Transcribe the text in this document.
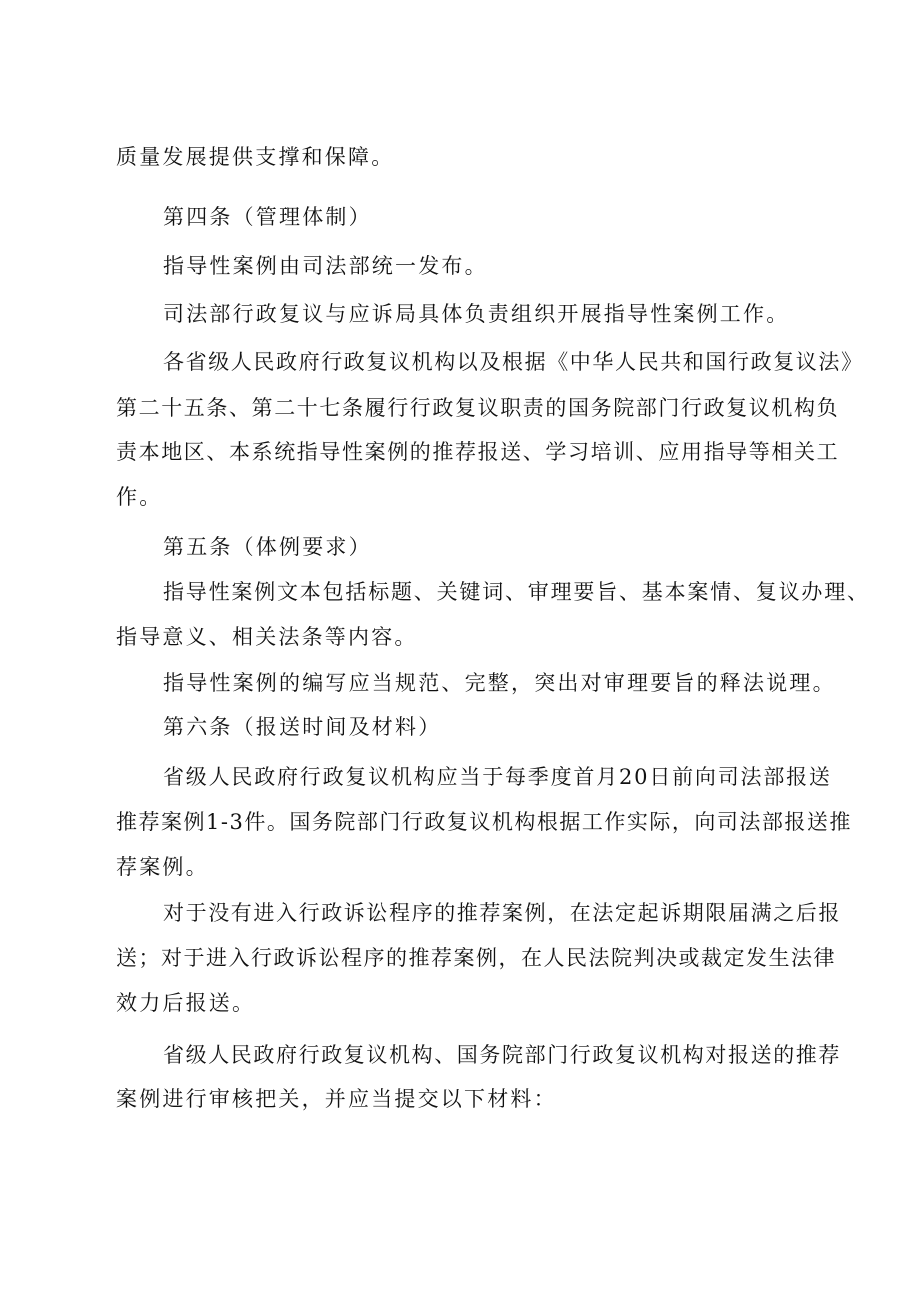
质量发展提供支撑和保障。
第四条（管理体制）
指导性案例由司法部统一发布。
司法部行政复议与应诉局具体负责组织开展指导性案例工作。
各省级人民政府行政复议机构以及根据《中华人民共和国行政复议法》
第二十五条、第二十七条履行行政复议职责的国务院部门行政复议机构负
责本地区、本系统指导性案例的推荐报送、学习培训、应用指导等相关工
作。
第五条（体例要求）
指导性案例文本包括标题、关键词、审理要旨、基本案情、复议办理、
指导意义、相关法条等内容。
指导性案例的编写应当规范、完整，突出对审理要旨的释法说理。
第六条（报送时间及材料）
省级人民政府行政复议机构应当于每季度首月20日前向司法部报送
推荐案例1-3件。国务院部门行政复议机构根据工作实际，向司法部报送推
荐案例。
对于没有进入行政诉讼程序的推荐案例，在法定起诉期限届满之后报
送；对于进入行政诉讼程序的推荐案例，在人民法院判决或裁定发生法律
效力后报送。
省级人民政府行政复议机构、国务院部门行政复议机构对报送的推荐
案例进行审核把关，并应当提交以下材料：
